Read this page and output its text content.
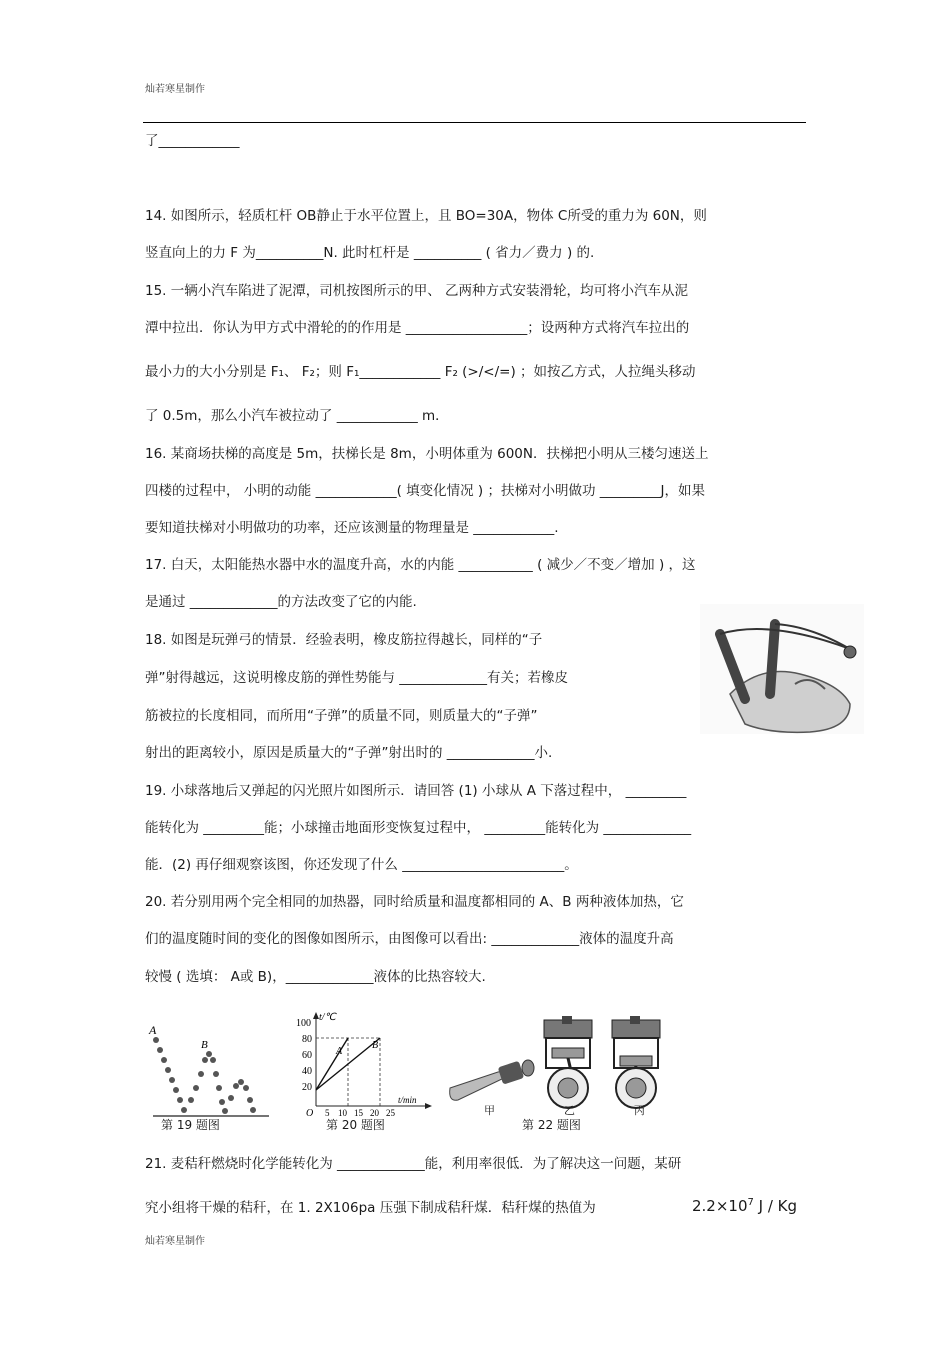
灿若寒星制作
灿若寒星制作
了____________
14. 如图所示，轻质杠杆 OB静止于水平位置上，且 BO=30A，物体 C所受的重力为 60N，则
竖直向上的力 F 为__________N. 此时杠杆是 __________ ( 省力／费力 ) 的.
15. 一辆小汽车陷进了泥潭，司机按图所示的甲、 乙两种方式安装滑轮，均可将小汽车从泥
潭中拉出．你认为甲方式中滑轮的的作用是 __________________；设两种方式将汽车拉出的
最小力的大小分别是 F₁、 F₂；则 F₁____________ F₂ (>/</=) ；如按乙方式，人拉绳头移动
了 0.5m，那么小汽车被拉动了 ____________ m．
16. 某商场扶梯的高度是 5m，扶梯长是 8m，小明体重为 600N．扶梯把小明从三楼匀速送上
四楼的过程中， 小明的动能 ____________( 填变化情况 ) ；扶梯对小明做功 _________J，如果
要知道扶梯对小明做功的功率，还应该测量的物理量是 ____________.
17. 白天，太阳能热水器中水的温度升高，水的内能 ___________ ( 减少／不变／增加 ) ，这
是通过 _____________的方法改变了它的内能.
18. 如图是玩弹弓的情景．经验表明，橡皮筋拉得越长，同样的“子
弹”射得越远，这说明橡皮筋的弹性势能与 _____________有关；若橡皮
筋被拉的长度相同，而所用“子弹”的质量不同，则质量大的“子弹”
射出的距离较小，原因是质量大的“子弹”射出时的 _____________小.
19. 小球落地后又弹起的闪光照片如图所示．请回答 (1) 小球从 A 下落过程中， _________
能转化为 _________能；小球撞击地面形变恢复过程中， _________能转化为 _____________
能．(2) 再仔细观察该图，你还发现了什么 ________________________。
20. 若分别用两个完全相同的加热器，同时给质量和温度都相同的 A、B 两种液体加热，它
们的温度随时间的变化的图像如图所示，由图像可以看出: _____________液体的温度升高
较慢 ( 选填： A或 B)，_____________液体的比热容较大.
21. 麦秸秆燃烧时化学能转化为 _____________能，利用率很低．为了解决这一问题，某研
究小组将干燥的秸秆，在 1. 2X106pa 压强下制成秸秆煤．秸秆煤的热值为	$2.2\times 10^7$ J / Kg
A
B
第 19 题图
t/℃
t/min
100
80
60
40
20
O 5 10 15 20 25
A
B
第 20 题图
甲	乙	丙
第 22 题图
